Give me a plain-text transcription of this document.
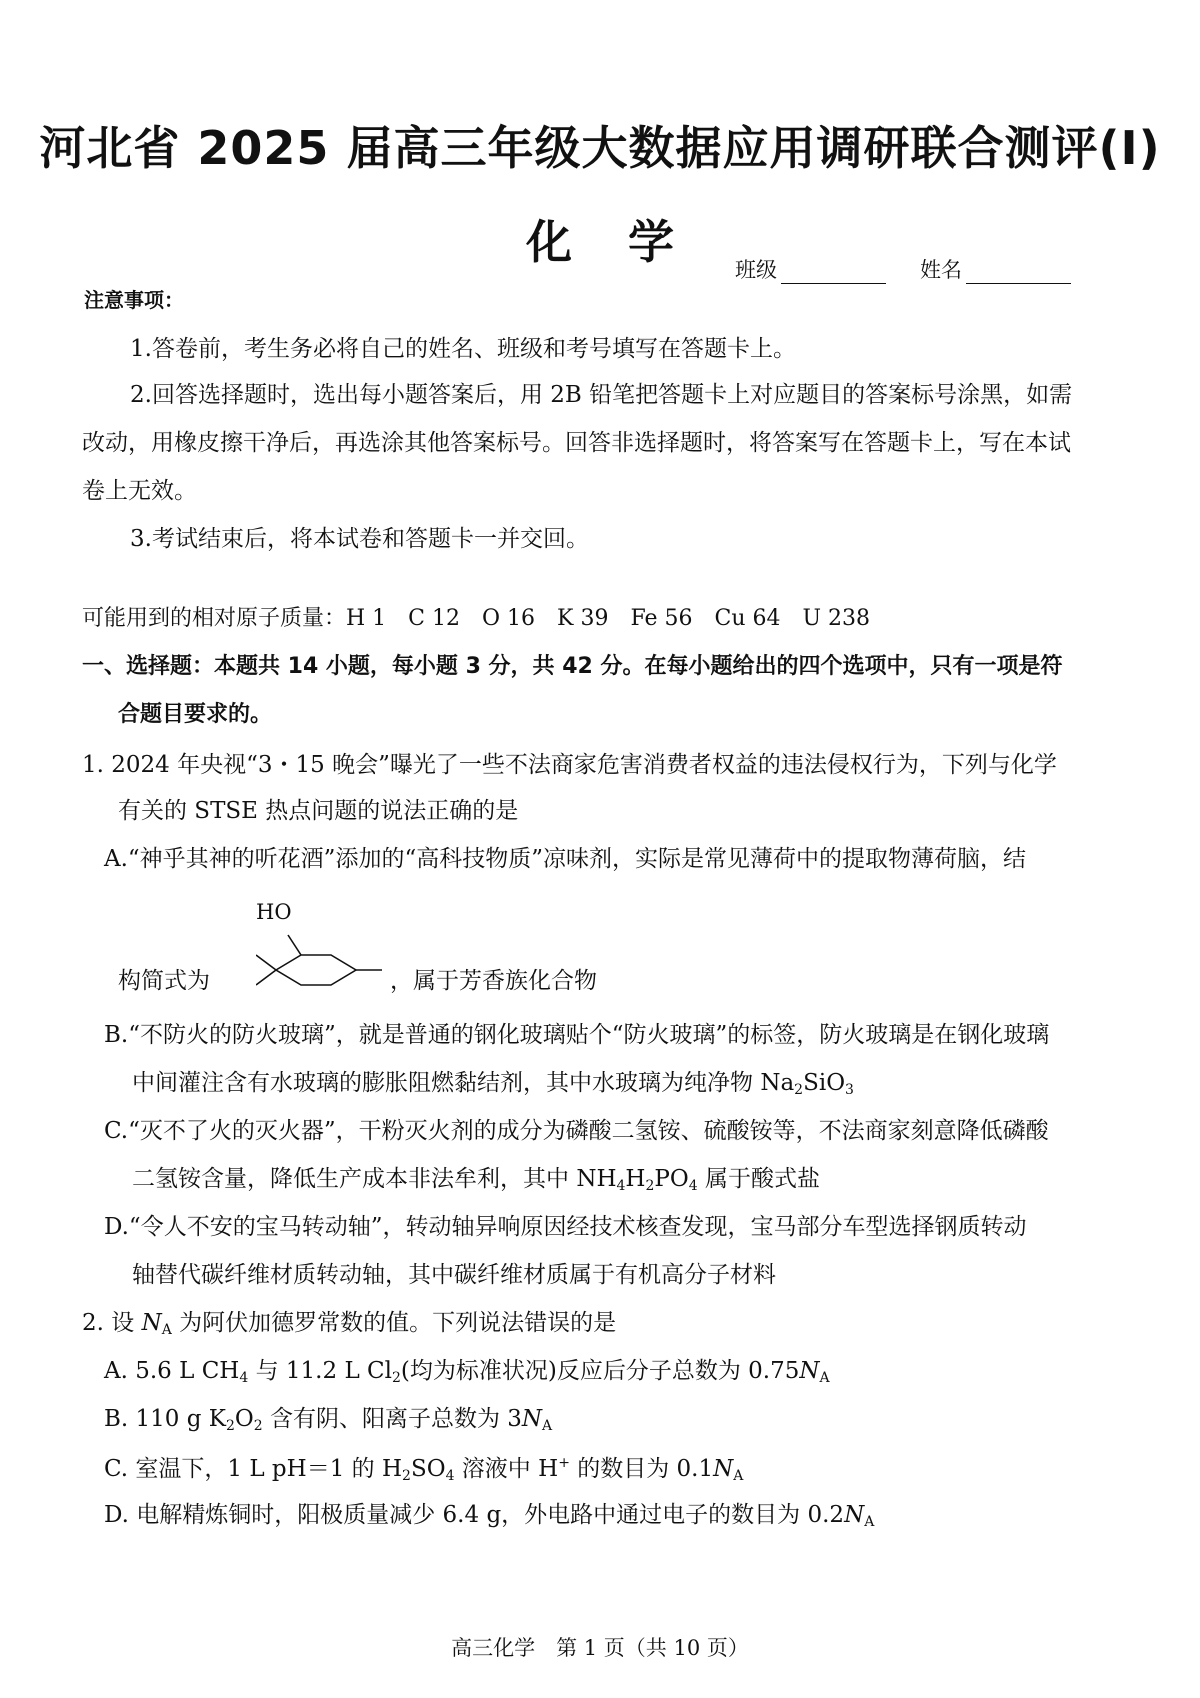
河北省 2025 届高三年级大数据应用调研联合测评(Ⅰ)
化 学
班级	姓名
注意事项：
1.答卷前，考生务必将自己的姓名、班级和考号填写在答题卡上。
2.回答选择题时，选出每小题答案后，用 2B 铅笔把答题卡上对应题目的答案标号涂黑，如需
改动，用橡皮擦干净后，再选涂其他答案标号。回答非选择题时，将答案写在答题卡上，写在本试
卷上无效。
3.考试结束后，将本试卷和答题卡一并交回。
可能用到的相对原子质量：H 1　C 12　O 16　K 39　Fe 56　Cu 64　U 238
一、选择题：本题共 14 小题，每小题 3 分，共 42 分。在每小题给出的四个选项中，只有一项是符
合题目要求的。
1. 2024 年央视“3・15 晚会”曝光了一些不法商家危害消费者权益的违法侵权行为，下列与化学
有关的 STSE 热点问题的说法正确的是
A.“神乎其神的听花酒”添加的“高科技物质”凉味剂，实际是常见薄荷中的提取物薄荷脑，结
HO
构简式为	，属于芳香族化合物
B.“不防火的防火玻璃”，就是普通的钢化玻璃贴个“防火玻璃”的标签，防火玻璃是在钢化玻璃
中间灌注含有水玻璃的膨胀阻燃黏结剂，其中水玻璃为纯净物 $Na_2SiO_3$
C.“灭不了火的灭火器”，干粉灭火剂的成分为磷酸二氢铵、硫酸铵等，不法商家刻意降低磷酸
二氢铵含量，降低生产成本非法牟利，其中 $NH_4H_2PO_4$ 属于酸式盐
D.“令人不安的宝马转动轴”，转动轴异响原因经技术核查发现，宝马部分车型选择钢质转动
轴替代碳纤维材质转动轴，其中碳纤维材质属于有机高分子材料
2. 设 $N_A$ 为阿伏加德罗常数的值。下列说法错误的是
A. 5.6 L $CH_4$ 与 11.2 L $Cl_2$(均为标准状况)反应后分子总数为 $0.75N_A$
B. 110 g $K_2O_2$ 含有阴、阳离子总数为 $3N_A$
C. 室温下，1 L pH＝1 的 $H_2SO_4$ 溶液中 H+ 的数目为 $0.1N_A$
D. 电解精炼铜时，阳极质量减少 6.4 g，外电路中通过电子的数目为 $0.2N_A$
高三化学　第 1 页（共 10 页）
